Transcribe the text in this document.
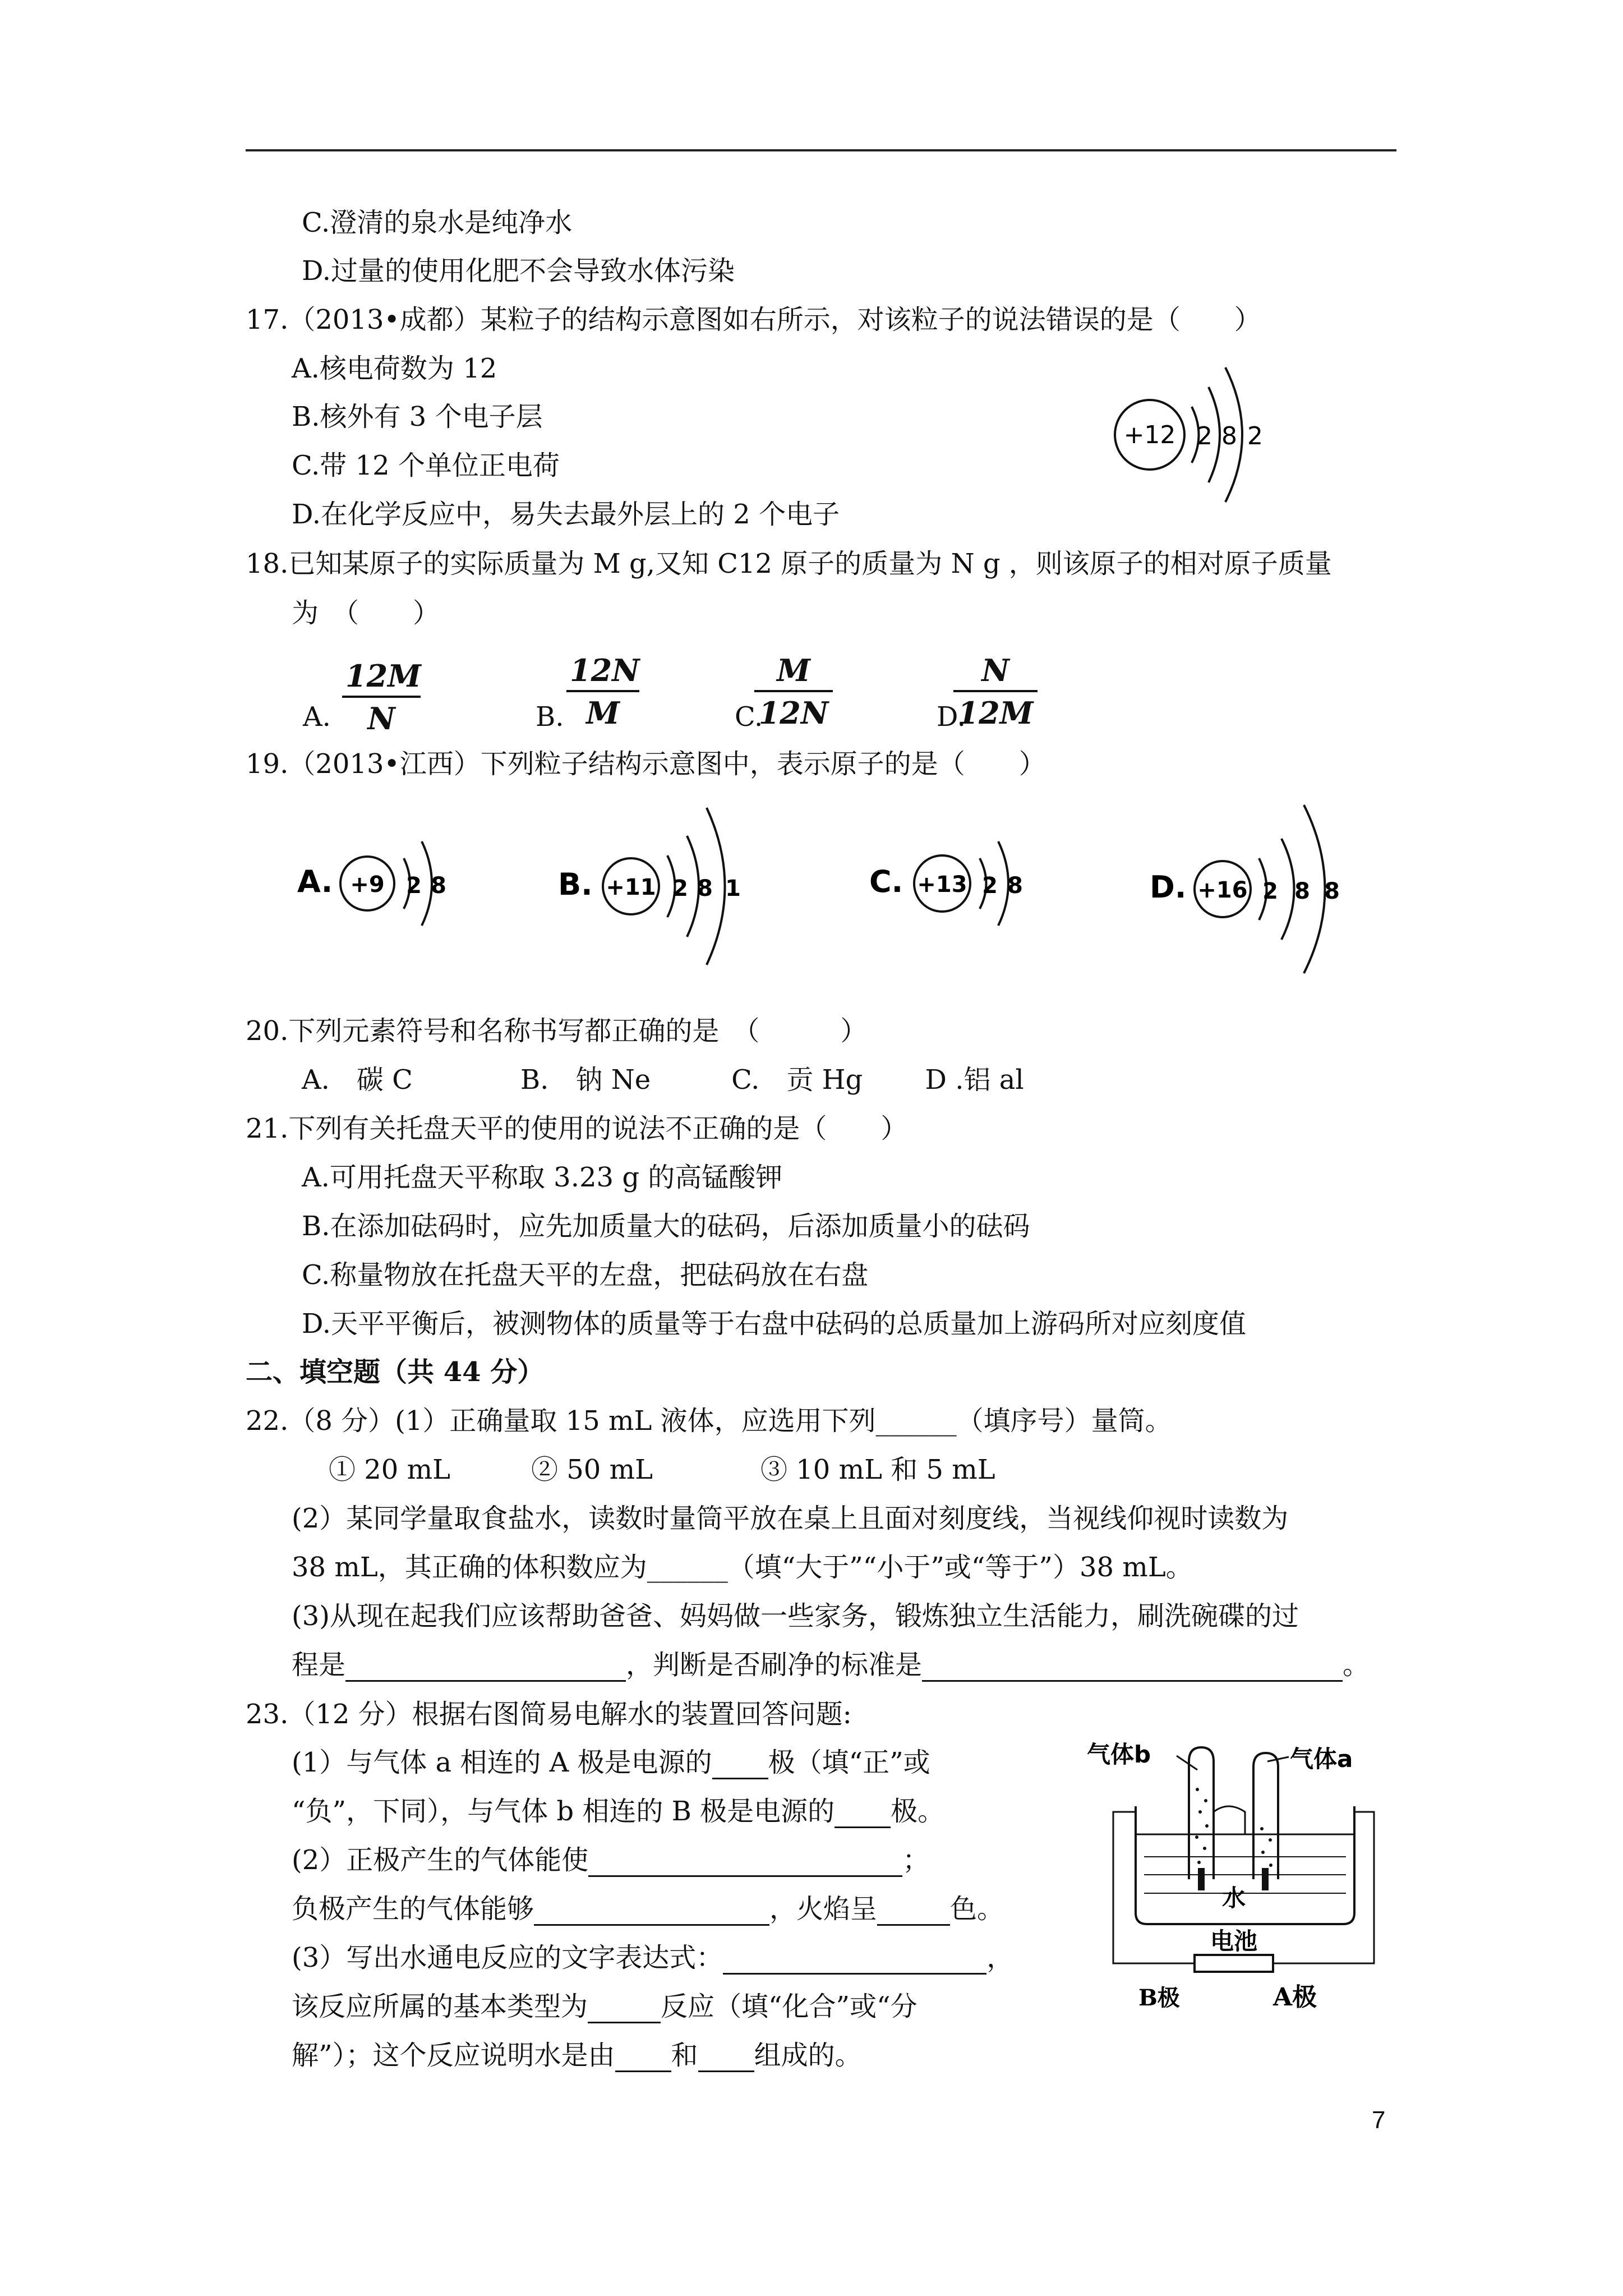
C.澄清的泉水是纯净水
D.过量的使用化肥不会导致水体污染
17.（2013•成都）某粒子的结构示意图如右所示，对该粒子的说法错误的是（　　）
A.核电荷数为 12
B.核外有 3 个电子层
C.带 12 个单位正电荷
D.在化学反应中，易失去最外层上的 2 个电子
+12 2 8 2
18.已知某原子的实际质量为 M g,又知 C12 原子的质量为 N g ，则该原子的相对原子质量
为　（　　）
A. $\frac{12M}{N}$	B. $\frac{12N}{M}$	C.
$\frac{M}{12N}$	D.
$\frac{N}{12M}$
19.（2013•江西）下列粒子结构示意图中，表示原子的是（　　）
A. +9 2 8	B. +11 2 8 1	C. +13 2 8	D. +16 2 8 8
20.下列元素符号和名称书写都正确的是　（　　　）
A.　碳 C　　　　B.　钠 Ne　　　C.　贡 Hg　　 D .铝 al
21.下列有关托盘天平的使用的说法不正确的是（　　）
A.可用托盘天平称取 3.23 g 的高锰酸钾
B.在添加砝码时，应先加质量大的砝码，后添加质量小的砝码
C.称量物放在托盘天平的左盘，把砝码放在右盘
D.天平平衡后，被测物体的质量等于右盘中砝码的总质量加上游码所对应刻度值
二、填空题（共 44 分）
22.（8 分）(1）正确量取 15 mL 液体，应选用下列______（填序号）量筒。
　① 20 mL　　　② 50 mL　　　　③ 10 mL 和 5 mL
(2）某同学量取食盐水，读数时量筒平放在桌上且面对刻度线，当视线仰视时读数为
38 mL，其正确的体积数应为______（填“大于”“小于”或“等于”）38 mL。
(3)从现在起我们应该帮助爸爸、妈妈做一些家务，锻炼独立生活能力，刷洗碗碟的过
程是	，判断是否刷净的标准是	。
23.（12 分）根据右图简易电解水的装置回答问题:
(1）与气体 a 相连的 A 极是电源的 极（填“正”或
“负”，下同），与气体 b 相连的 B 极是电源的 极。
(2）正极产生的气体能使	；
负极产生的气体能够	，火焰呈	色。
(3）写出水通电反应的文字表达式：	，
该反应所属的基本类型为	反应（填“化合”或“分
解”）；这个反应说明水是由 和 组成的。
气体b	气体a
水
电池
B极	A极
7
